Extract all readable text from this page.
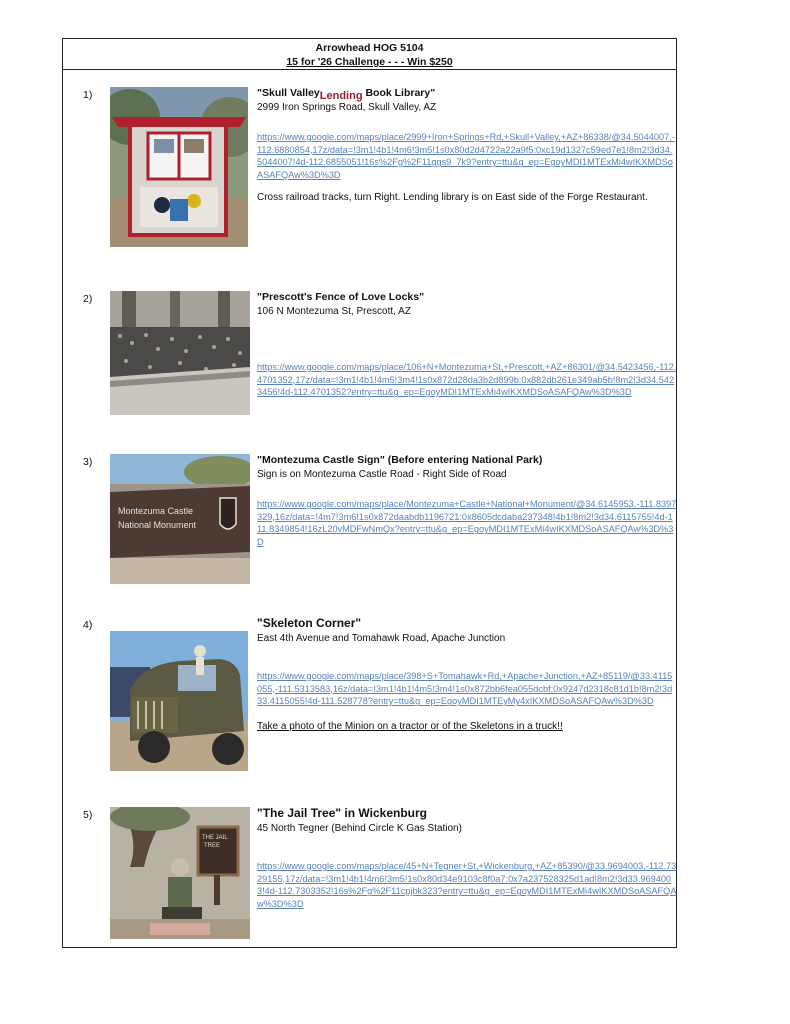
Arrowhead HOG 5104
15 for '26 Challenge - - - Win $250
1)	"Skull ValleyLending Book Library"
2999 Iron Springs Road, Skull Valley, AZ
https://www.google.com/maps/place/2999+Iron+Springs+Rd,+Skull+Valley,+AZ+86338/@34.5044007,-112.6880854,17z/data=!3m1!4b1!4m6!3m5!1s0x80d2d4722a22a9f5:0xc19d1327c59ed7e1!8m2!3d34.5044007!4d-112.6855051!16s%2Fg%2F11ggs9_7k9?entry=ttu&g_ep=EgoyMDI1MTExMi4wIKXMDSoASAFQAw%3D%3D
Cross railroad tracks, turn Right. Lending library is on East side of the Forge Restaurant.
2)	"Prescott's Fence of Love Locks"
106 N Montezuma St, Prescott, AZ
https://www.google.com/maps/place/106+N+Montezuma+St,+Prescott,+AZ+86301/@34.5423456,-112.4701352,17z/data=!3m1!4b1!4m5!3m4!1s0x872d28da3b2d899b:0x882db261e349ab5b!8m2!3d34.5423456!4d-112.4701352?entry=ttu&g_ep=EgoyMDI1MTExMi4wIKXMDSoASAFQAw%3D%3D
3)
Montezuma Castle
National Monument
"Montezuma Castle Sign" (Before entering National Park)
Sign is on Montezuma Castle Road - Right Side of Road
https://www.google.com/maps/place/Montezuma+Castle+National+Monument/@34.6145953,-111.8397329,16z/data=!4m7!3m6!1s0x872daabdb1196721:0x8605dcdaba237348!4b1!8m2!3d34.6115755!4d-111.8349854!16zL20vMDFwNmQx?entry=ttu&g_ep=EgoyMDI1MTExMi4wIKXMDSoASAFQAw%3D%3D
4)	"Skeleton Corner"
East 4th Avenue and Tomahawk Road, Apache Junction
https://www.google.com/maps/place/398+S+Tomahawk+Rd,+Apache+Junction,+AZ+85119/@33.4115055,-111.5313583,16z/data=!3m1!4b1!4m5!3m4!1s0x872bb6fea055dcbf:0x9247d2318c81d1b!8m2!3d33.4115055!4d-111.528778?entry=ttu&g_ep=EgoyMDI1MTEyMy4xIKXMDSoASAFQAw%3D%3D
Take a photo of the Minion on a tractor or of the Skeletons in a truck!!
5)
THE JAIL
TREE
"The Jail Tree" in Wickenburg
45 North Tegner (Behind Circle K Gas Station)
https://www.google.com/maps/place/45+N+Tegner+St,+Wickenburg,+AZ+85390/@33.9694003,-112.7329155,17z/data=!3m1!4b1!4m6!3m5!1s0x80d34e9103c8f0a7:0x7a237528325d1ad!8m2!3d33.9694003!4d-112.7303352!16s%2Fg%2F11cpjbk323?entry=ttu&g_ep=EgoyMDI1MTExMi4wIKXMDSoASAFQAw%3D%3D
